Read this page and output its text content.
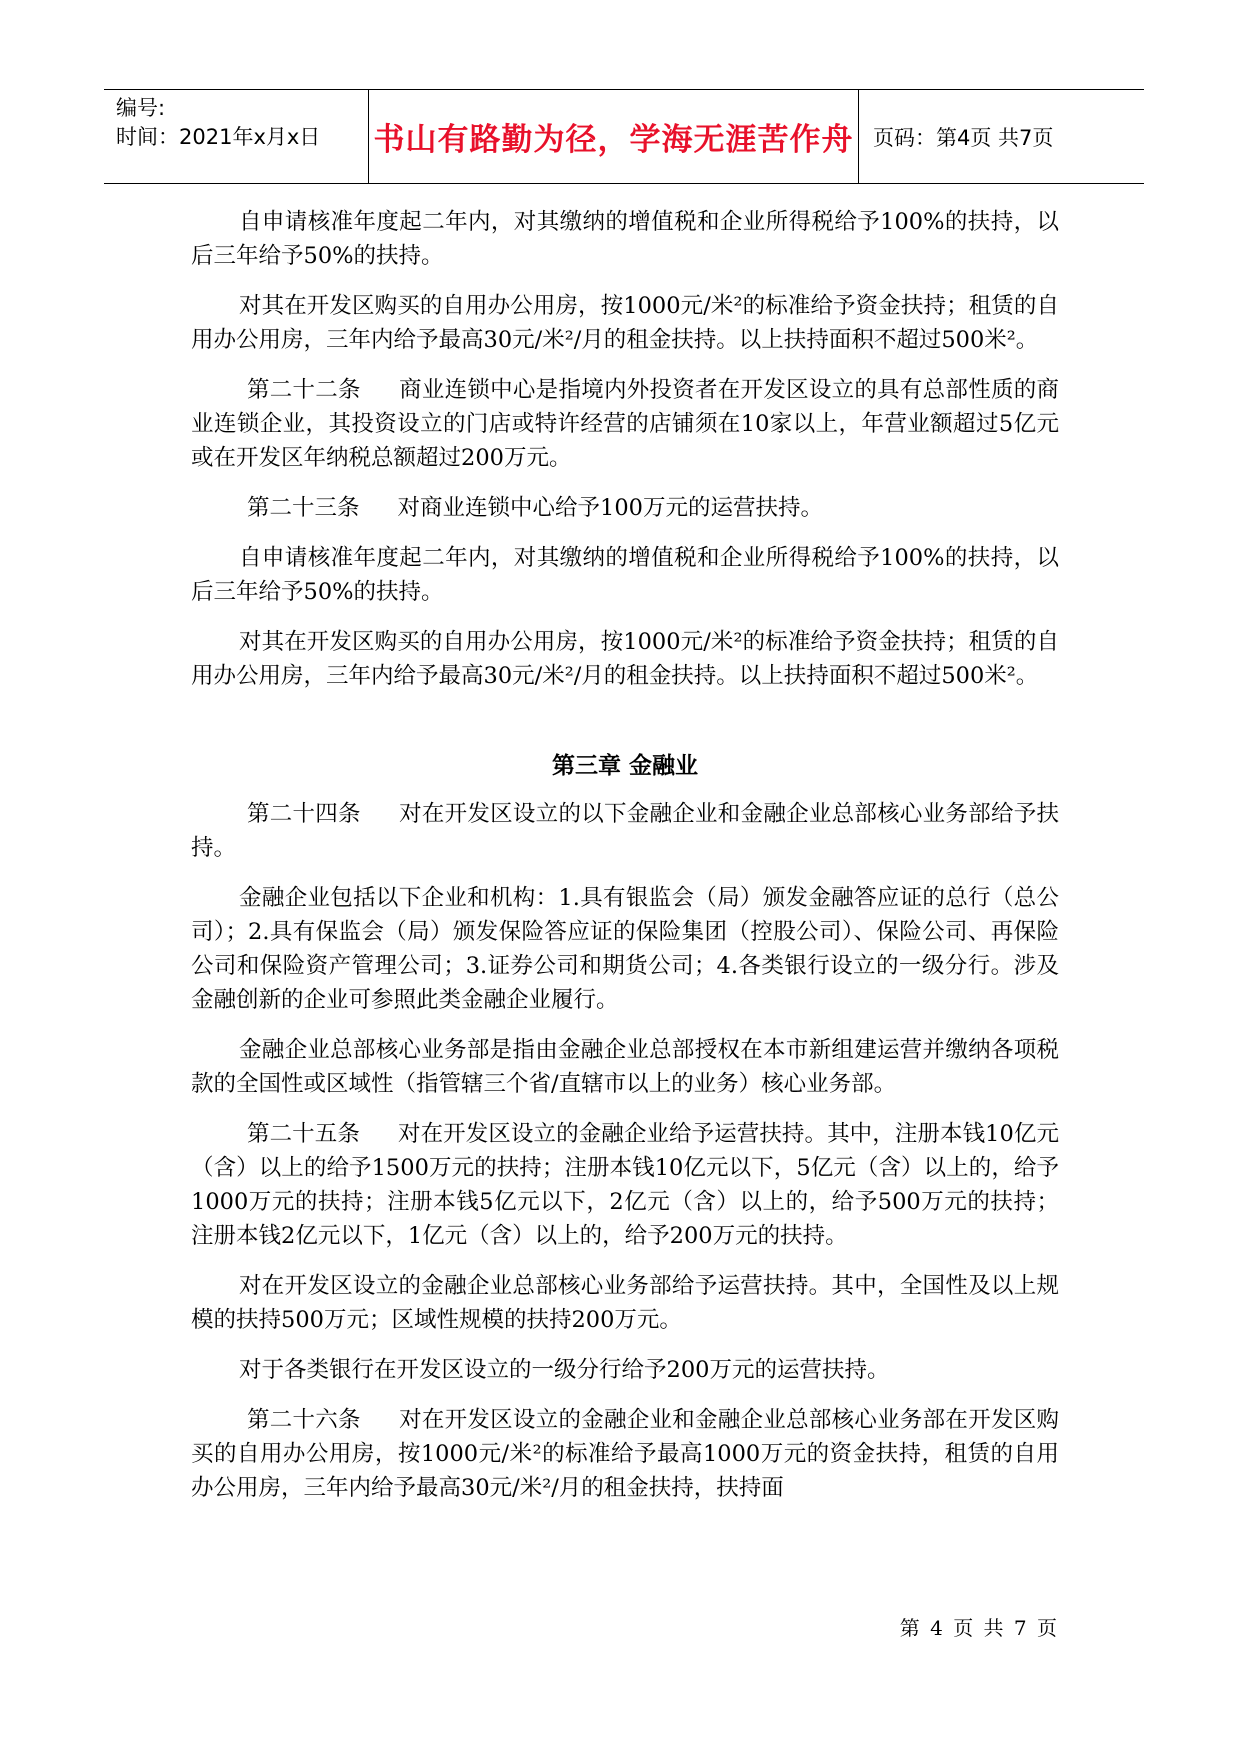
编号:
时间：2021年x月x日	书山有路勤为径，学海无涯苦作舟 页码：第4页 共7页

自申请核准年度起二年内，对其缴纳的增值税和企业所得税给予100%的扶持，以后三年给予50%的扶持。

对其在开发区购买的自用办公用房，按1000元/米²的标准给予资金扶持；租赁的自用办公用房，三年内给予最高30元/米²/月的租金扶持。以上扶持面积不超过500米²。

第二十二条 商业连锁中心是指境内外投资者在开发区设立的具有总部性质的商业连锁企业，其投资设立的门店或特许经营的店铺须在10家以上，年营业额超过5亿元或在开发区年纳税总额超过200万元。

第二十三条 对商业连锁中心给予100万元的运营扶持。

自申请核准年度起二年内，对其缴纳的增值税和企业所得税给予100%的扶持，以后三年给予50%的扶持。

对其在开发区购买的自用办公用房，按1000元/米²的标准给予资金扶持；租赁的自用办公用房，三年内给予最高30元/米²/月的租金扶持。以上扶持面积不超过500米²。

第三章 金融业

第二十四条 对在开发区设立的以下金融企业和金融企业总部核心业务部给予扶持。

金融企业包括以下企业和机构：1.具有银监会（局）颁发金融答应证的总行（总公司）；2.具有保监会（局）颁发保险答应证的保险集团（控股公司）、保险公司、再保险公司和保险资产管理公司；3.证券公司和期货公司；4.各类银行设立的一级分行。涉及金融创新的企业可参照此类金融企业履行。

金融企业总部核心业务部是指由金融企业总部授权在本市新组建运营并缴纳各项税款的全国性或区域性（指管辖三个省/直辖市以上的业务）核心业务部。

第二十五条 对在开发区设立的金融企业给予运营扶持。其中，注册本钱10亿元（含）以上的给予1500万元的扶持；注册本钱10亿元以下，5亿元（含）以上的，给予1000万元的扶持；注册本钱5亿元以下，2亿元（含）以上的，给予500万元的扶持；注册本钱2亿元以下，1亿元（含）以上的，给予200万元的扶持。

对在开发区设立的金融企业总部核心业务部给予运营扶持。其中，全国性及以上规模的扶持500万元；区域性规模的扶持200万元。

对于各类银行在开发区设立的一级分行给予200万元的运营扶持。

第二十六条 对在开发区设立的金融企业和金融企业总部核心业务部在开发区购买的自用办公用房，按1000元/米²的标准给予最高1000万元的资金扶持，租赁的自用办公用房，三年内给予最高30元/米²/月的租金扶持，扶持面

第 4 页 共 7 页
